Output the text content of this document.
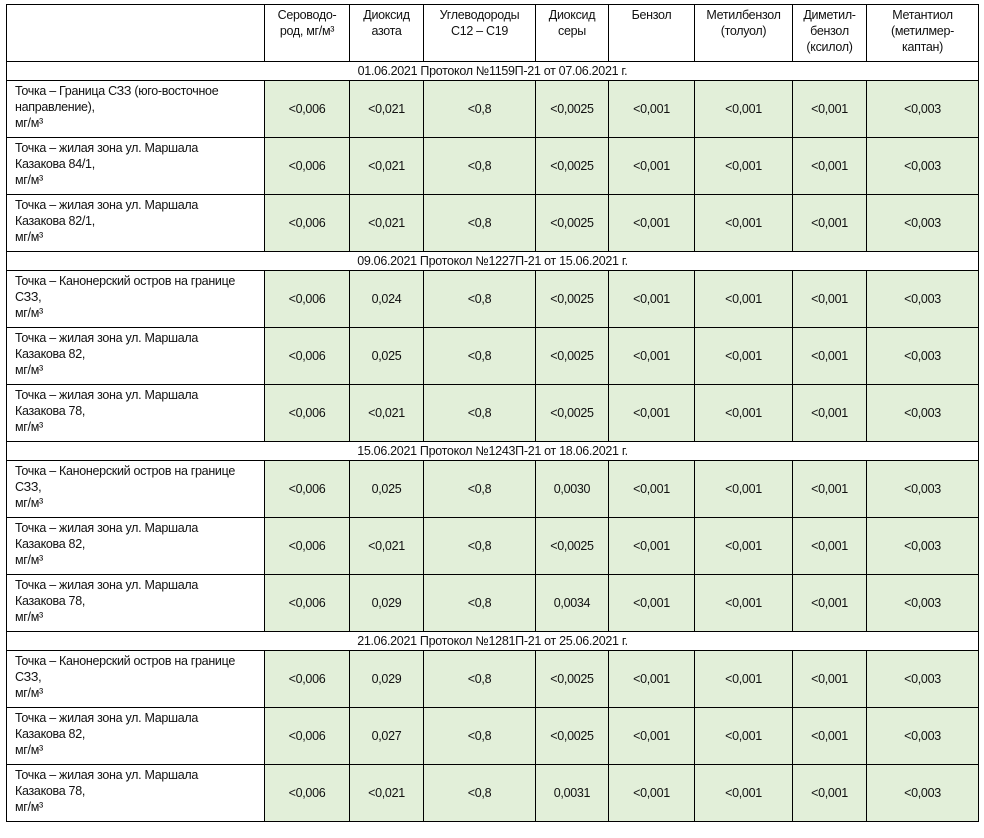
	Сероводо-
род, мг/м³	Диоксид
азота	Углеводороды
С12 – С19	Диоксид
серы	Бензол	Метилбензол
(толуол)	Диметил-
бензол
(ксилол)	Метантиол
(метилмер-
каптан)
01.06.2021 Протокол №1159П-21 от 07.06.2021 г.								
Точка – Граница СЗЗ (юго-восточное
направление),
мг/м³	<0,006	<0,021	<0,8	<0,0025	<0,001	<0,001	<0,001	<0,003
Точка – жилая зона ул. Маршала
Казакова 84/1,
мг/м³	<0,006	<0,021	<0,8	<0,0025	<0,001	<0,001	<0,001	<0,003
Точка – жилая зона ул. Маршала
Казакова 82/1,
мг/м³	<0,006	<0,021	<0,8	<0,0025	<0,001	<0,001	<0,001	<0,003
09.06.2021 Протокол №1227П-21 от 15.06.2021 г.								
Точка – Канонерский остров на границе
СЗЗ,
мг/м³	<0,006	0,024	<0,8	<0,0025	<0,001	<0,001	<0,001	<0,003
Точка – жилая зона ул. Маршала
Казакова 82,
мг/м³	<0,006	0,025	<0,8	<0,0025	<0,001	<0,001	<0,001	<0,003
Точка – жилая зона ул. Маршала
Казакова 78,
мг/м³	<0,006	<0,021	<0,8	<0,0025	<0,001	<0,001	<0,001	<0,003
15.06.2021 Протокол №1243П-21 от 18.06.2021 г.								
Точка – Канонерский остров на границе
СЗЗ,
мг/м³	<0,006	0,025	<0,8	0,0030	<0,001	<0,001	<0,001	<0,003
Точка – жилая зона ул. Маршала
Казакова 82,
мг/м³	<0,006	<0,021	<0,8	<0,0025	<0,001	<0,001	<0,001	<0,003
Точка – жилая зона ул. Маршала
Казакова 78,
мг/м³	<0,006	0,029	<0,8	0,0034	<0,001	<0,001	<0,001	<0,003
21.06.2021 Протокол №1281П-21 от 25.06.2021 г.								
Точка – Канонерский остров на границе
СЗЗ,
мг/м³	<0,006	0,029	<0,8	<0,0025	<0,001	<0,001	<0,001	<0,003
Точка – жилая зона ул. Маршала
Казакова 82,
мг/м³	<0,006	0,027	<0,8	<0,0025	<0,001	<0,001	<0,001	<0,003
Точка – жилая зона ул. Маршала
Казакова 78,
мг/м³	<0,006	<0,021	<0,8	0,0031	<0,001	<0,001	<0,001	<0,003
